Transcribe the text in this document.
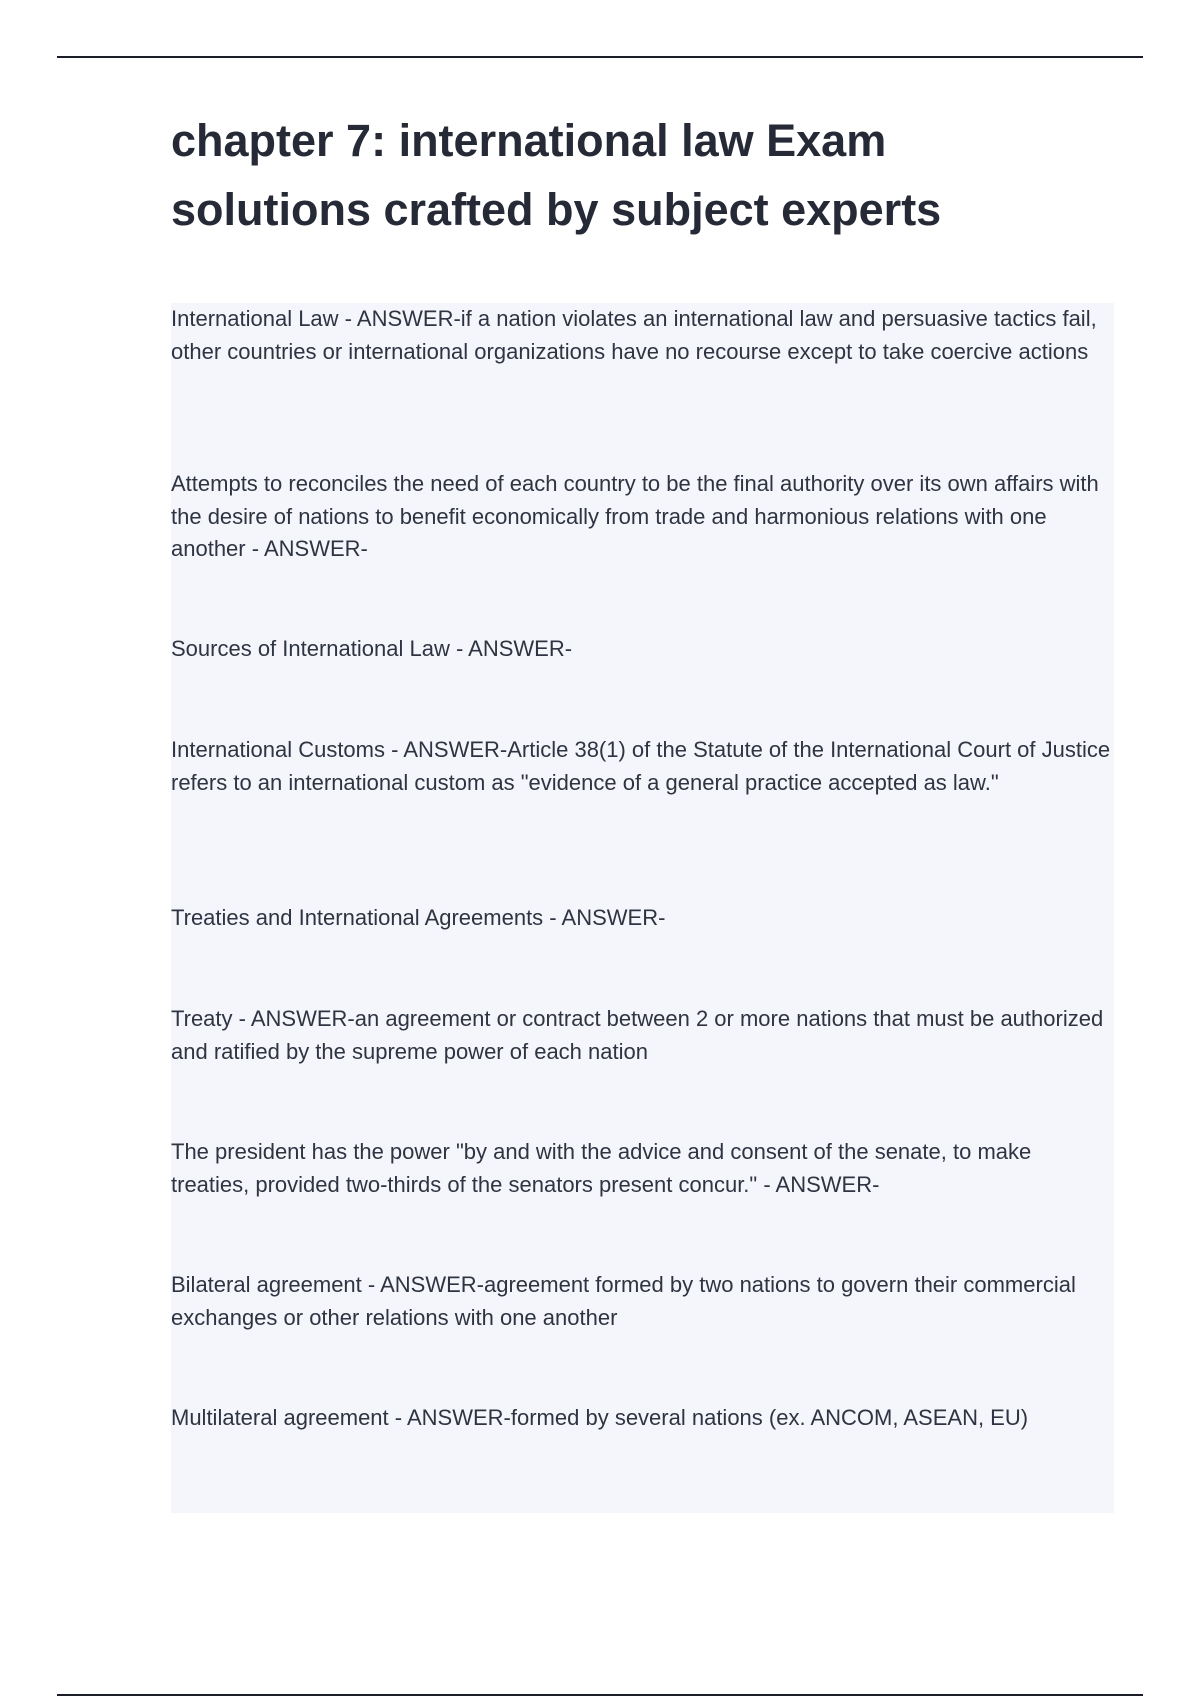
chapter 7: international law Exam solutions crafted by subject experts

International Law - ANSWER-if a nation violates an international law and persuasive tactics fail, other countries or international organizations have no recourse except to take coercive actions

Attempts to reconciles the need of each country to be the final authority over its own affairs with the desire of nations to benefit economically from trade and harmonious relations with one another - ANSWER-

Sources of International Law - ANSWER-

International Customs - ANSWER-Article 38(1) of the Statute of the International Court of Justice refers to an international custom as "evidence of a general practice accepted as law."

Treaties and International Agreements - ANSWER-

Treaty - ANSWER-an agreement or contract between 2 or more nations that must be authorized and ratified by the supreme power of each nation

The president has the power "by and with the advice and consent of the senate, to make treaties, provided two-thirds of the senators present concur." - ANSWER-

Bilateral agreement - ANSWER-agreement formed by two nations to govern their commercial exchanges or other relations with one another

Multilateral agreement - ANSWER-formed by several nations (ex. ANCOM, ASEAN, EU)
